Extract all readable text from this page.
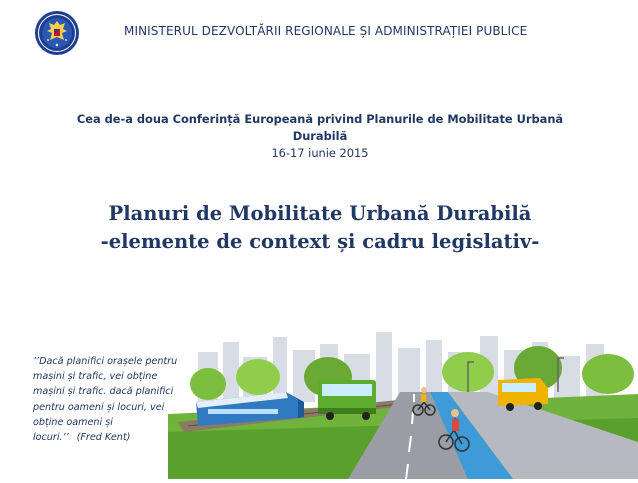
MINISTERUL DEZVOLTĂRII REGIONALE ȘI ADMINISTRAȚIEI PUBLICE
Cea de-a doua Conferință Europeană privind Planurile de Mobilitate Urbană
Durabilă
16-17 iunie 2015
Planuri de Mobilitate Urbană Durabilă
-elemente de context și cadru legislativ-
’’Dacă planifici orașele pentru mașini și trafic, vei obține mașini și trafic. dacă planifici pentru oameni și locuri, vei obține oameni și locuri.’’ (Fred Kent)
